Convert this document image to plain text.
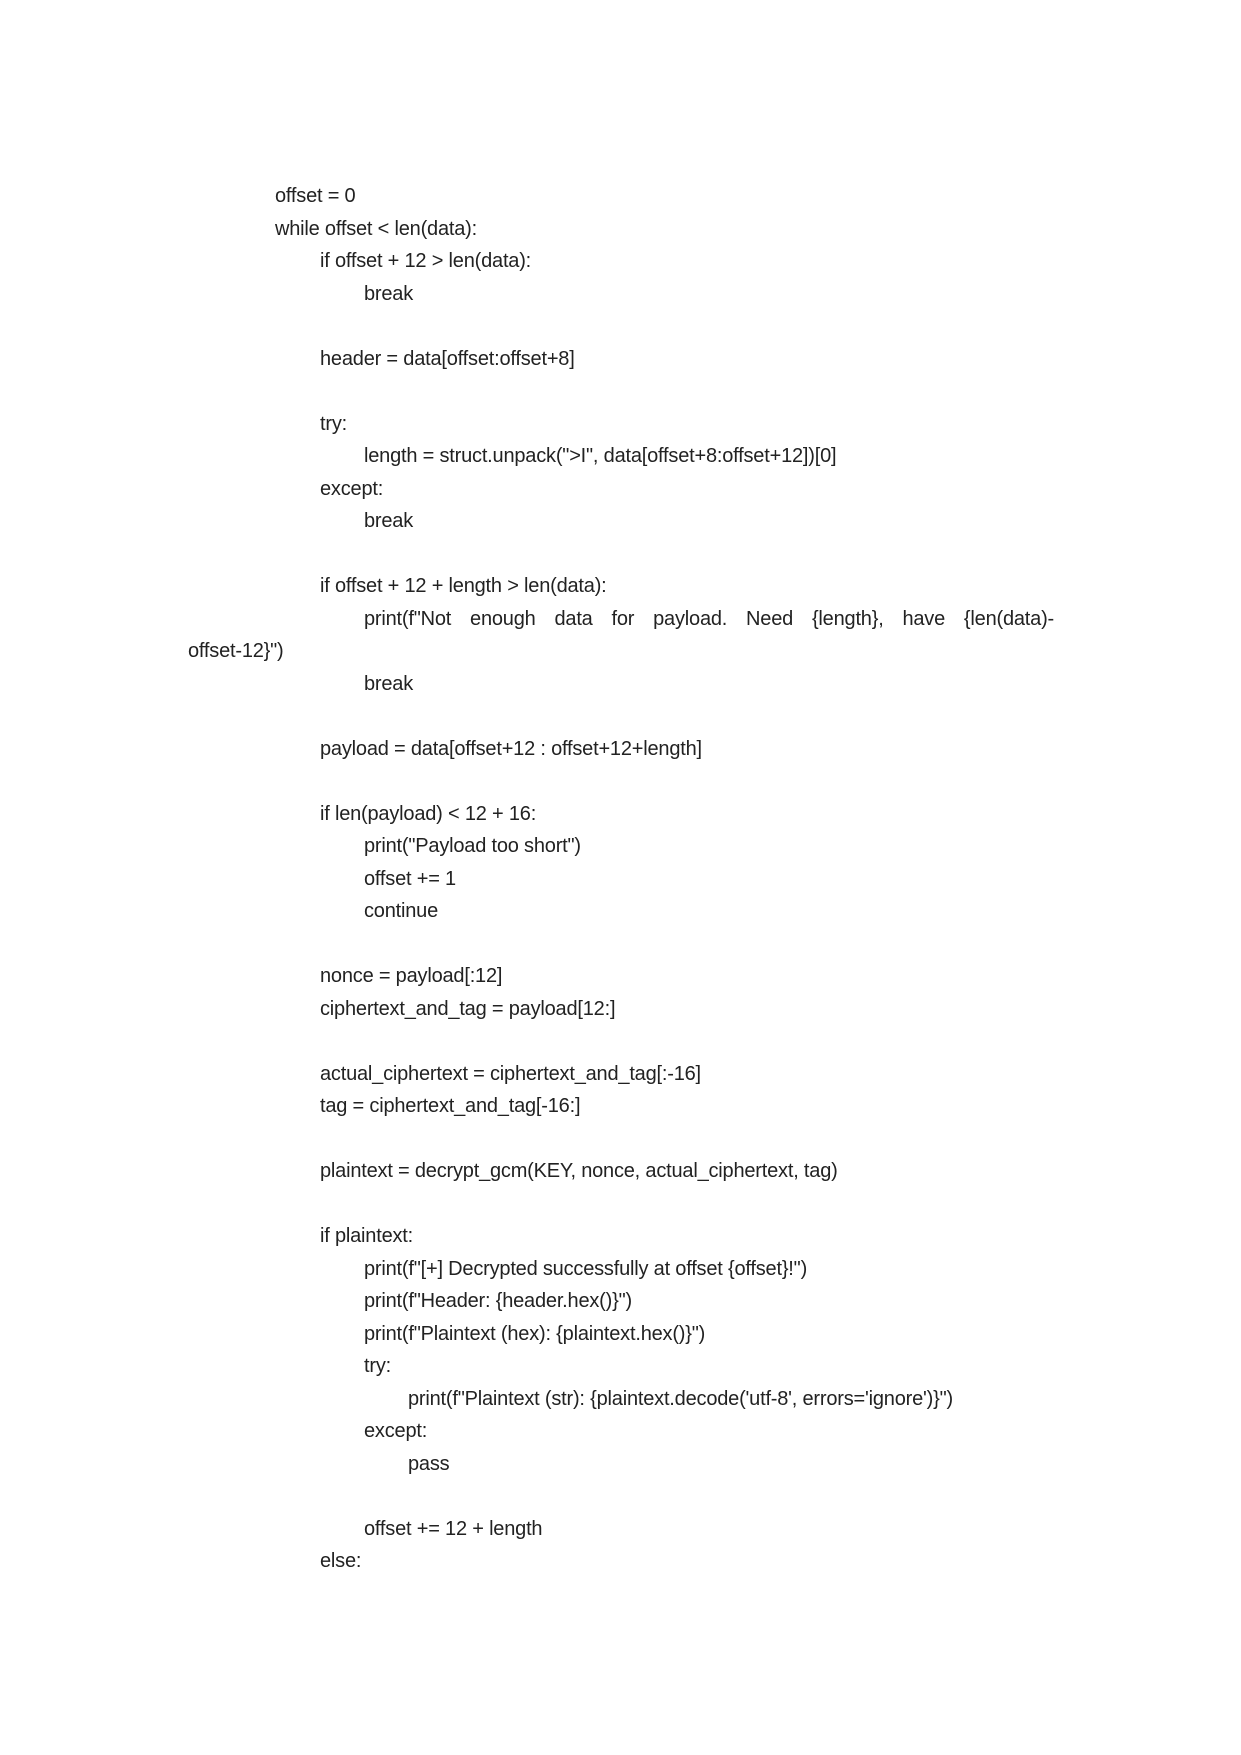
offset = 0
while offset < len(data):
if offset + 12 > len(data):
break
header = data[offset:offset+8]
try:
length = struct.unpack(">I", data[offset+8:offset+12])[0]
except:
break
if offset + 12 + length > len(data):
print(f"Not enough data for payload. Need {length}, have {len(data)-
offset-12}")
break
payload = data[offset+12 : offset+12+length]
if len(payload) < 12 + 16:
print("Payload too short")
offset += 1
continue
nonce = payload[:12]
ciphertext_and_tag = payload[12:]
actual_ciphertext = ciphertext_and_tag[:-16]
tag = ciphertext_and_tag[-16:]
plaintext = decrypt_gcm(KEY, nonce, actual_ciphertext, tag)
if plaintext:
print(f"[+] Decrypted successfully at offset {offset}!")
print(f"Header: {header.hex()}")
print(f"Plaintext (hex): {plaintext.hex()}")
try:
print(f"Plaintext (str): {plaintext.decode('utf-8', errors='ignore')}")
except:
pass
offset += 12 + length
else:
